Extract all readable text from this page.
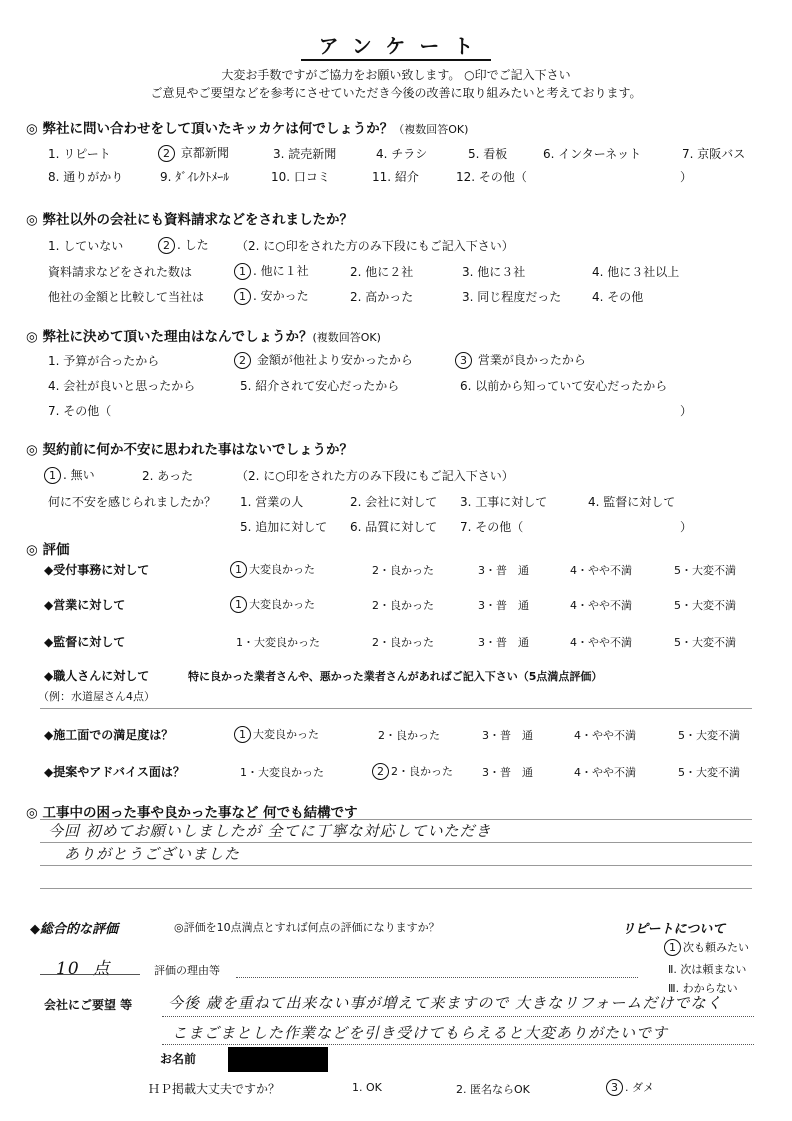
アンケート
大変お手数ですがご協力をお願い致します。 ○印でご記入下さい
ご意見やご要望などを参考にさせていただき今後の改善に取り組みたいと考えております。
◎ 弊社に問い合わせをして頂いたキッカケは何でしょうか？（複数回答OK)
1. リピート	2 京都新聞	3. 読売新聞	4. チラシ	5. 看板	6. インターネット	7. 京阪バス
8. 通りがかり	9. ﾀﾞｲﾚｸﾄﾒｰﾙ	10. 口コミ	11. 紹介	12. その他（	）
◎ 弊社以外の会社にも資料請求などをされましたか？
1. していない	2 . した （2. に○印をされた方のみ下段にもご記入下さい）
資料請求などをされた数は	1 . 他に１社	2. 他に２社	3. 他に３社	4. 他に３社以上
他社の金額と比較して当社は	1 . 安かった	2. 高かった	3. 同じ程度だった	4. その他
◎ 弊社に決めて頂いた理由はなんでしょうか？(複数回答OK)
1. 予算が合ったから	2 金額が他社より安かったから	3 営業が良かったから
4. 会社が良いと思ったから	5. 紹介されて安心だったから	6. 以前から知っていて安心だったから
7. その他（	）
◎ 契約前に何か不安に思われた事はないでしょうか？
1 . 無い	2. あった	（2. に○印をされた方のみ下段にもご記入下さい）
何に不安を感じられましたか？ 1. 営業の人	2. 会社に対して 3. 工事に対して	4. 監督に対して
5. 追加に対して 6. 品質に対して 7. その他（	）
◎ 評価
◆受付事務に対して	1 大変良かった	2・良かった	3・普　通	4・やや不満	5・大変不満
◆営業に対して	1 大変良かった	2・良かった	3・普　通	4・やや不満	5・大変不満
◆監督に対して	1・大変良かった	2・良かった	3・普　通	4・やや不満	5・大変不満
◆職人さんに対して	特に良かった業者さんや、悪かった業者さんがあればご記入下さい（5点満点評価）
（例：水道屋さん4点）
◆施工面での満足度は？	1 大変良かった	2・良かった	3・普　通	4・やや不満	5・大変不満
◆提案やアドバイス面は？	1・大変良かった	2 2・良かった	3・普　通	4・やや不満	5・大変不満
◎ 工事中の困った事や良かった事など 何でも結構です
今回 初めてお願いしましたが 全てに丁寧な対応していただき
ありがとうございました
◆総合的な評価	◎評価を10点満点とすれば何点の評価になりますか？	リピートについて
1 次も頼みたい
Ⅱ. 次は頼まない
Ⅲ. わからない
10 点	評価の理由等
会社にご要望 等 今後 歳を重ねて出来ない事が増えて来ますので 大きなリフォームだけでなく
こまごまとした作業などを引き受けてもらえると大変ありがたいです
お名前
ＨＰ掲載大丈夫ですか？	1. OK	2. 匿名ならOK	3 . ダメ
